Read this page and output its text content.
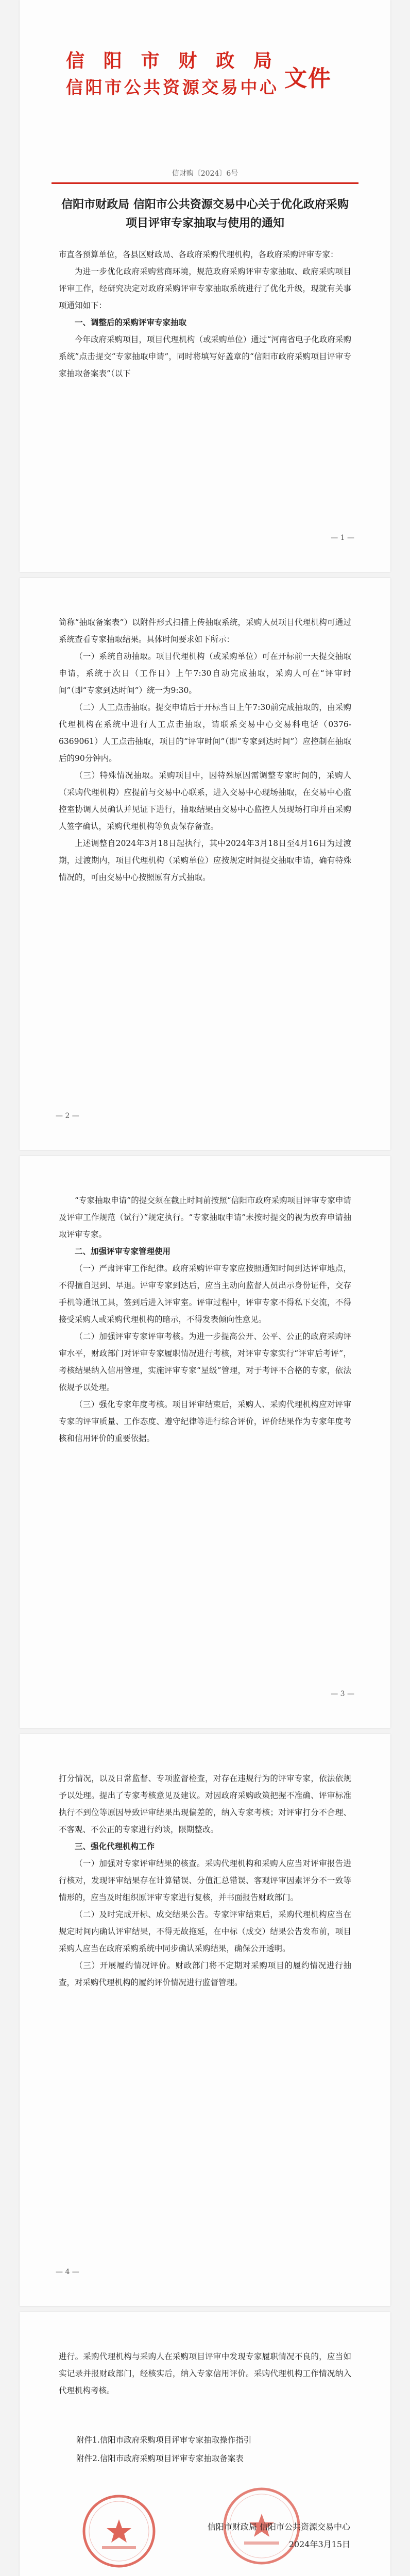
信阳市财政局
信阳市公共资源交易中心 文件
信财购〔2024〕6号
信阳市财政局 信阳市公共资源交易中心关于优化政府采购项目评审专家抽取与使用的通知

市直各预算单位，各县区财政局、各政府采购代理机构，各政府采购评审专家：

为进一步优化政府采购营商环境，规范政府采购评审专家抽取、政府采购项目评审工作，经研究决定对政府采购评审专家抽取系统进行了优化升级，现就有关事项通知如下：

一、调整后的采购评审专家抽取

今年政府采购项目，项目代理机构（或采购单位）通过“河南省电子化政府采购系统”点击提交“专家抽取申请”，同时将填写好盖章的“信阳市政府采购项目评审专家抽取备案表”（以下

— 1 —

简称“抽取备案表”）以附件形式扫描上传抽取系统，采购人员项目代理机构可通过系统查看专家抽取结果。具体时间要求如下所示：

（一）系统自动抽取。项目代理机构（或采购单位）可在开标前一天提交抽取申请，系统于次日（工作日）上午7:30自动完成抽取，采购人可在“评审时间”（即“专家到达时间”）统一为9:30。

（二）人工点击抽取。提交申请后于开标当日上午7:30前完成抽取的，由采购代理机构在系统中进行人工点击抽取，请联系交易中心交易科电话（0376-6369061）人工点击抽取，项目的“评审时间”（即“专家到达时间”）应控制在抽取后的90分钟内。

（三）特殊情况抽取。采购项目中，因特殊原因需调整专家时间的，采购人（采购代理机构）应提前与交易中心联系，进入交易中心现场抽取，在交易中心监控室协调人员确认并见证下进行，抽取结果由交易中心监控人员现场打印并由采购人签字确认，采购代理机构等负责保存备查。

上述调整自2024年3月18日起执行，其中2024年3月18日至4月16日为过渡期，过渡期内，项目代理机构（采购单位）应按规定时间提交抽取申请，确有特殊情况的，可由交易中心按照原有方式抽取。

— 2 —

“专家抽取申请”的提交须在截止时间前按照“信阳市政府采购项目评审专家申请及评审工作规范（试行）”规定执行。“专家抽取申请”未按时提交的视为放弃申请抽取评审专家。

二、加强评审专家管理使用

（一）严肃评审工作纪律。政府采购评审专家应按照通知时间到达评审地点，不得擅自迟到、早退。评审专家到达后，应当主动向监督人员出示身份证件，交存手机等通讯工具，签到后进入评审室。评审过程中，评审专家不得私下交流，不得接受采购人或采购代理机构的暗示，不得发表倾向性意见。

（二）加强评审专家评审考核。为进一步提高公开、公平、公正的政府采购评审水平，财政部门对评审专家履职情况进行考核，对评审专家实行“评审后考评”，考核结果纳入信用管理，实施评审专家“星级”管理，对于考评不合格的专家，依法依规予以处理。

（三）强化专家年度考核。项目评审结束后，采购人、采购代理机构应对评审专家的评审质量、工作态度、遵守纪律等进行综合评价，评价结果作为专家年度考核和信用评价的重要依据。

— 3 —

打分情况，以及日常监督、专项监督检查，对存在违规行为的评审专家，依法依规予以处理。提出了专家考核意见及建议。对因政府采购政策把握不准确、评审标准执行不到位等原因导致评审结果出现偏差的，纳入专家考核；对评审打分不合理、不客观、不公正的专家进行约谈，限期整改。

三、强化代理机构工作

（一）加强对专家评审结果的核查。采购代理机构和采购人应当对评审报告进行核对，发现评审结果存在计算错误、分值汇总错误、客观评审因素评分不一致等情形的，应当及时组织原评审专家进行复核，并书面报告财政部门。

（二）及时完成开标、成交结果公告。专家评审结束后，采购代理机构应当在规定时间内确认评审结果，不得无故拖延，在中标（成交）结果公告发布前，项目采购人应当在政府采购系统中同步确认采购结果，确保公开透明。

（三）开展履约情况评价。财政部门将不定期对采购项目的履约情况进行抽查，对采购代理机构的履约评价情况进行监督管理。

— 4 —

进行。采购代理机构与采购人在采购项目评审中发现专家履职情况不良的，应当如实记录并报财政部门，经核实后，纳入专家信用评价。采购代理机构工作情况纳入代理机构考核。

附件1.信阳市政府采购项目评审专家抽取操作指引

附件2.信阳市政府采购项目评审专家抽取备案表

信阳市财政局 信阳市公共资源交易中心
2024年3月15日
